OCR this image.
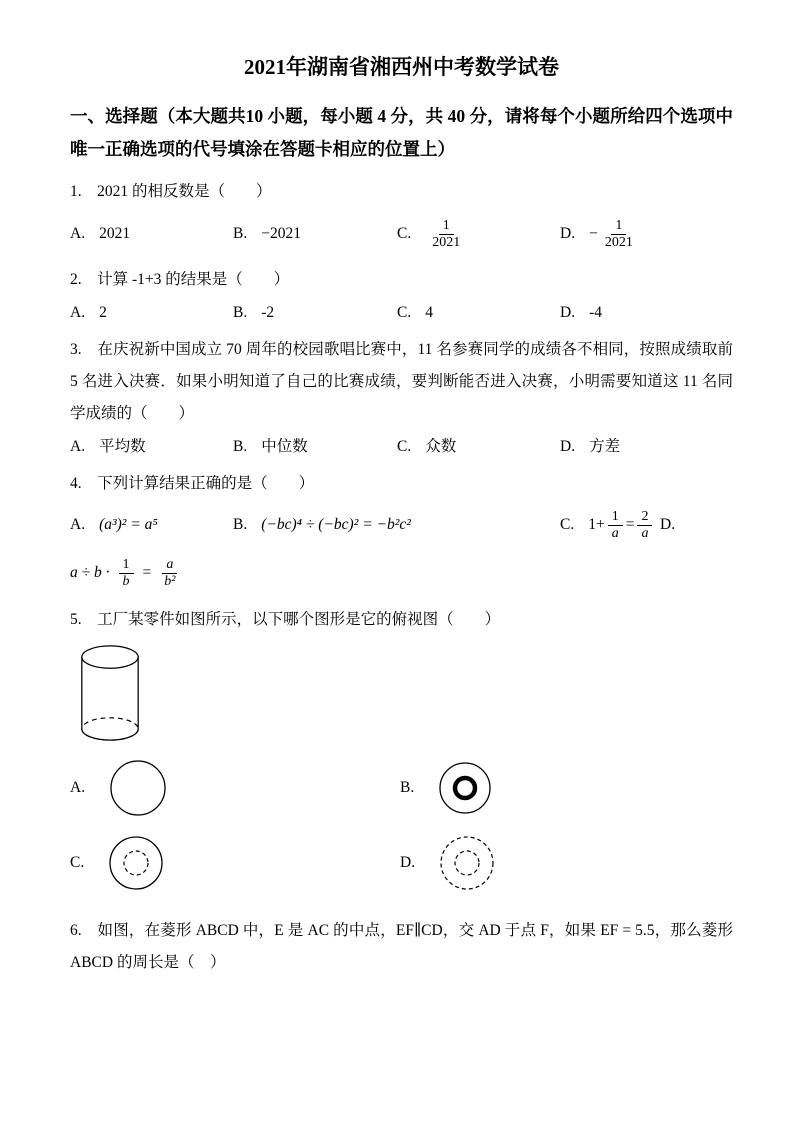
2021年湖南省湘西州中考数学试卷

一、选择题（本大题共10 小题，每小题 4 分，共 40 分，请将每个小题所给四个选项中唯一正确选项的代号填涂在答题卡相应的位置上）

1.　2021 的相反数是（　　）

A. 2021	B. −2021	C. $\frac{1}{2021}$	D. − $\frac{1}{2021}$

2.　计算 -1+3 的结果是（　　）

A. 2	B. -2	C. 4	D. -4

3.　在庆祝新中国成立 70 周年的校园歌唱比赛中，11 名参赛同学的成绩各不相同，按照成绩取前 5 名进入决赛．如果小明知道了自己的比赛成绩，要判断能否进入决赛，小明需要知道这 11 名同学成绩的（　　）

A. 平均数	B. 中位数	C. 众数	D. 方差

4.　下列计算结果正确的是（　　）

A. (a³)² = a⁵	B. (−bc)⁴ ÷ (−bc)² = −b²c²	C. $1+ \frac{1}{a} = \frac{2}{a} D$.
$a \div b \cdot \frac{1}{b} = \frac{a}{\text{b²}}$

5.　工厂某零件如图所示，以下哪个图形是它的俯视图（　　）

A.	B.
C.	D.

6.　如图，在菱形 ABCD 中，E 是 AC 的中点，EF∥CD，交 AD 于点 F，如果 EF = 5.5，那么菱形 ABCD 的周长是（　）
